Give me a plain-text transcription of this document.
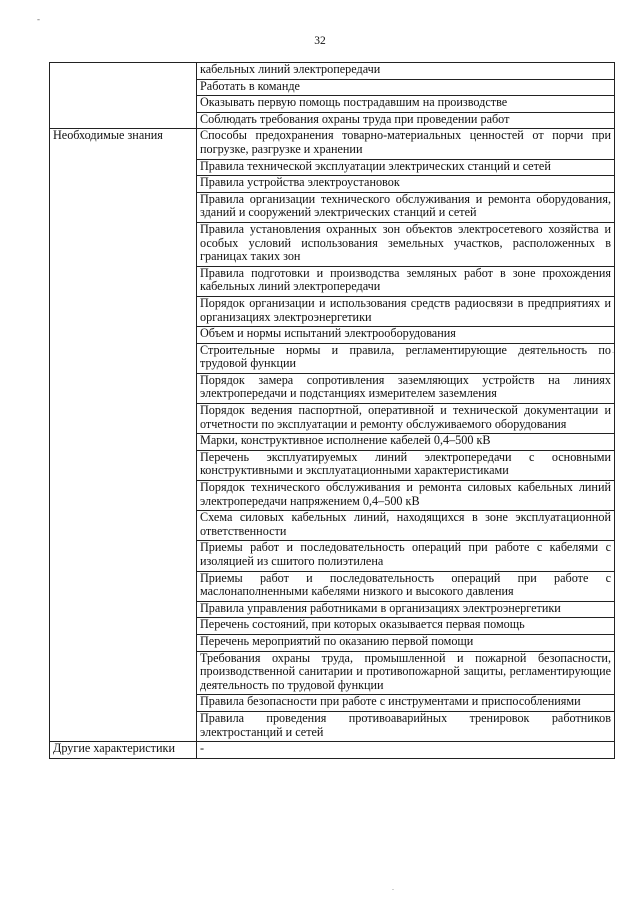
-
32
	кабельных линий электропередачи
	Работать в команде
	Оказывать первую помощь пострадавшим на производстве
	Соблюдать требования охраны труда при проведении работ
Необходимые знания	Способы предохранения товарно-материальных ценностей от порчи при погрузке, разгрузке и хранении
	Правила технической эксплуатации электрических станций и сетей
	Правила устройства электроустановок
	Правила организации технического обслуживания и ремонта оборудования, зданий и сооружений электрических станций и сетей
	Правила установления охранных зон объектов электросетевого хозяйства и особых условий использования земельных участков, расположенных в границах таких зон
	Правила подготовки и производства земляных работ в зоне прохождения кабельных линий электропередачи
	Порядок организации и использования средств радиосвязи в предприятиях и организациях электроэнергетики
	Объем и нормы испытаний электрооборудования
	Строительные нормы и правила, регламентирующие деятельность по трудовой функции
	Порядок замера сопротивления заземляющих устройств на линиях электропередачи и подстанциях измерителем заземления
	Порядок ведения паспортной, оперативной и технической документации и отчетности по эксплуатации и ремонту обслуживаемого оборудования
	Марки, конструктивное исполнение кабелей 0,4–500 кВ
	Перечень эксплуатируемых линий электропередачи с основными конструктивными и эксплуатационными характеристиками
	Порядок технического обслуживания и ремонта силовых кабельных линий электропередачи напряжением 0,4–500 кВ
	Схема силовых кабельных линий, находящихся в зоне эксплуатационной ответственности
	Приемы работ и последовательность операций при работе с кабелями с изоляцией из сшитого полиэтилена
	Приемы работ и последовательность операций при работе с маслонаполненными кабелями низкого и высокого давления
	Правила управления работниками в организациях электроэнергетики
	Перечень состояний, при которых оказывается первая помощь
	Перечень мероприятий по оказанию первой помощи
	Требования охраны труда, промышленной и пожарной безопасности, производственной санитарии и противопожарной защиты, регламентирующие деятельность по трудовой функции
	Правила безопасности при работе с инструментами и приспособлениями
	Правила проведения противоаварийных тренировок работников электростанций и сетей
Другие характеристики	-
.
.
